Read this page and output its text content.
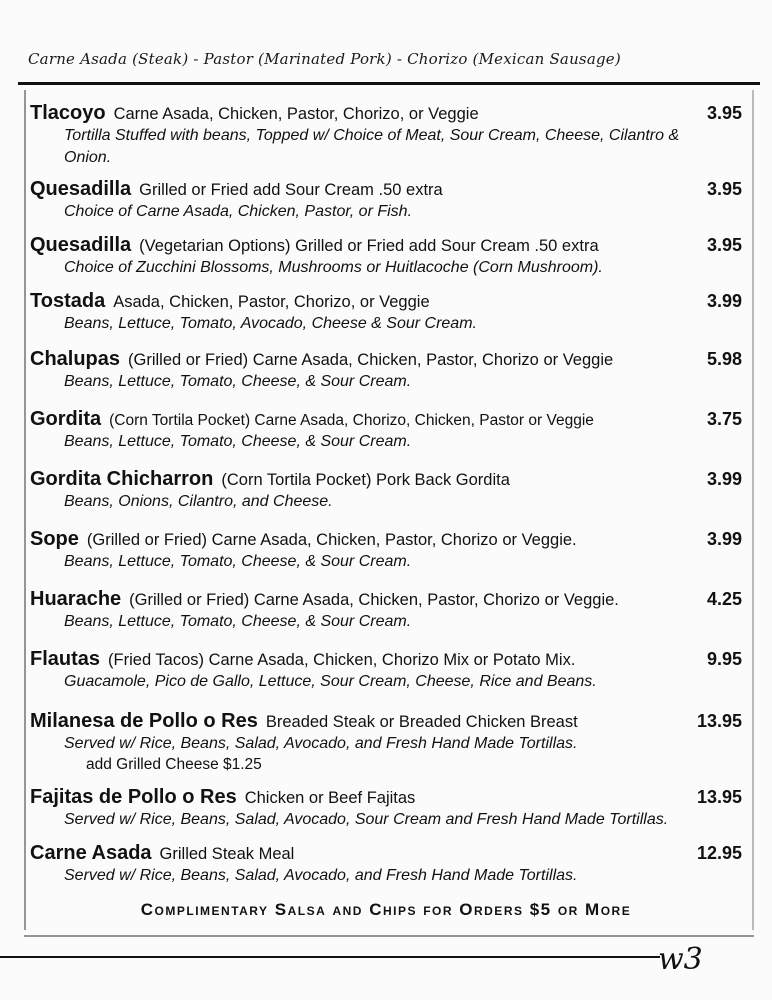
Carne Asada (Steak) - Pastor (Marinated Pork) - Chorizo (Mexican Sausage)
Tlacoyo Carne Asada, Chicken, Pastor, Chorizo, or Veggie	3.95
Tortilla Stuffed with beans, Topped w/ Choice of Meat, Sour Cream, Cheese, Cilantro & Onion.
Quesadilla Grilled or Fried add Sour Cream .50 extra	3.95
Choice of Carne Asada, Chicken, Pastor, or Fish.
Quesadilla (Vegetarian Options) Grilled or Fried add Sour Cream .50 extra	3.95
Choice of Zucchini Blossoms, Mushrooms or Huitlacoche (Corn Mushroom).
Tostada Asada, Chicken, Pastor, Chorizo, or Veggie	3.99
Beans, Lettuce, Tomato, Avocado, Cheese & Sour Cream.
Chalupas (Grilled or Fried) Carne Asada, Chicken, Pastor, Chorizo or Veggie	5.98
Beans, Lettuce, Tomato, Cheese, & Sour Cream.
Gordita (Corn Tortila Pocket) Carne Asada, Chorizo, Chicken, Pastor or Veggie	3.75
Beans, Lettuce, Tomato, Cheese, & Sour Cream.
Gordita Chicharron (Corn Tortila Pocket) Pork Back Gordita	3.99
Beans, Onions, Cilantro, and Cheese.
Sope (Grilled or Fried) Carne Asada, Chicken, Pastor, Chorizo or Veggie.	3.99
Beans, Lettuce, Tomato, Cheese, & Sour Cream.
Huarache (Grilled or Fried) Carne Asada, Chicken, Pastor, Chorizo or Veggie.	4.25
Beans, Lettuce, Tomato, Cheese, & Sour Cream.
Flautas (Fried Tacos) Carne Asada, Chicken, Chorizo Mix or Potato Mix.	9.95
Guacamole, Pico de Gallo, Lettuce, Sour Cream, Cheese, Rice and Beans.
Milanesa de Pollo o Res Breaded Steak or Breaded Chicken Breast	13.95
Served w/ Rice, Beans, Salad, Avocado, and Fresh Hand Made Tortillas.
add Grilled Cheese $1.25
Fajitas de Pollo o Res Chicken or Beef Fajitas	13.95
Served w/ Rice, Beans, Salad, Avocado, Sour Cream and Fresh Hand Made Tortillas.
Carne Asada Grilled Steak Meal	12.95
Served w/ Rice, Beans, Salad, Avocado, and Fresh Hand Made Tortillas.
Complimentary Salsa and Chips for Orders $5 or More
w3
